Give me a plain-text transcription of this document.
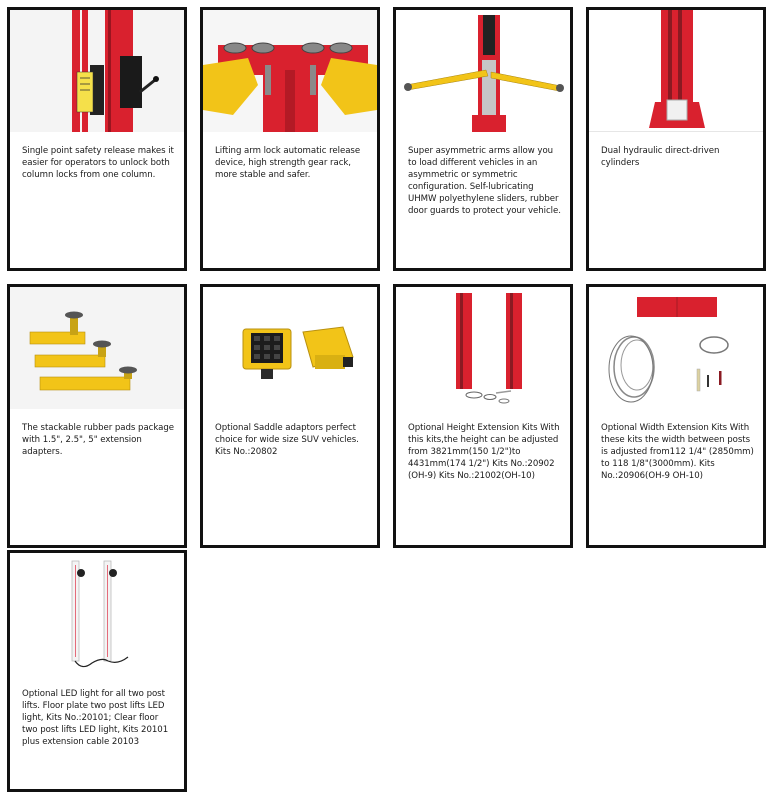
Single point safety release makes it easier for operators to unlock both column locks from one column.
Lifting arm lock automatic release device, high strength gear rack, more stable and safer.
Super asymmetric arms allow you to load different vehicles in an asymmetric or symmetric configuration. Self-lubricating UHMW polyethylene sliders, rubber door guards to protect your vehicle.
Dual hydraulic direct-driven cylinders
The stackable rubber pads package with 1.5", 2.5", 5" extension adapters.
Optional Saddle adaptors perfect choice for wide size SUV vehicles. Kits No.:20802
Optional Height Extension Kits With this kits,the height can be adjusted from 3821mm(150 1/2")to 4431mm(174 1/2") Kits No.:20902 (OH-9) Kits No.:21002(OH-10)
Optional Width Extension Kits With these kits the width between posts is adjusted from112 1/4" (2850mm) to 118 1/8"(3000mm). Kits No.:20906(OH-9 OH-10)
Optional LED light for all two post lifts. Floor plate two post lifts LED light, Kits No.:20101; Clear floor two post lifts LED light, Kits 20101 plus extension cable 20103
